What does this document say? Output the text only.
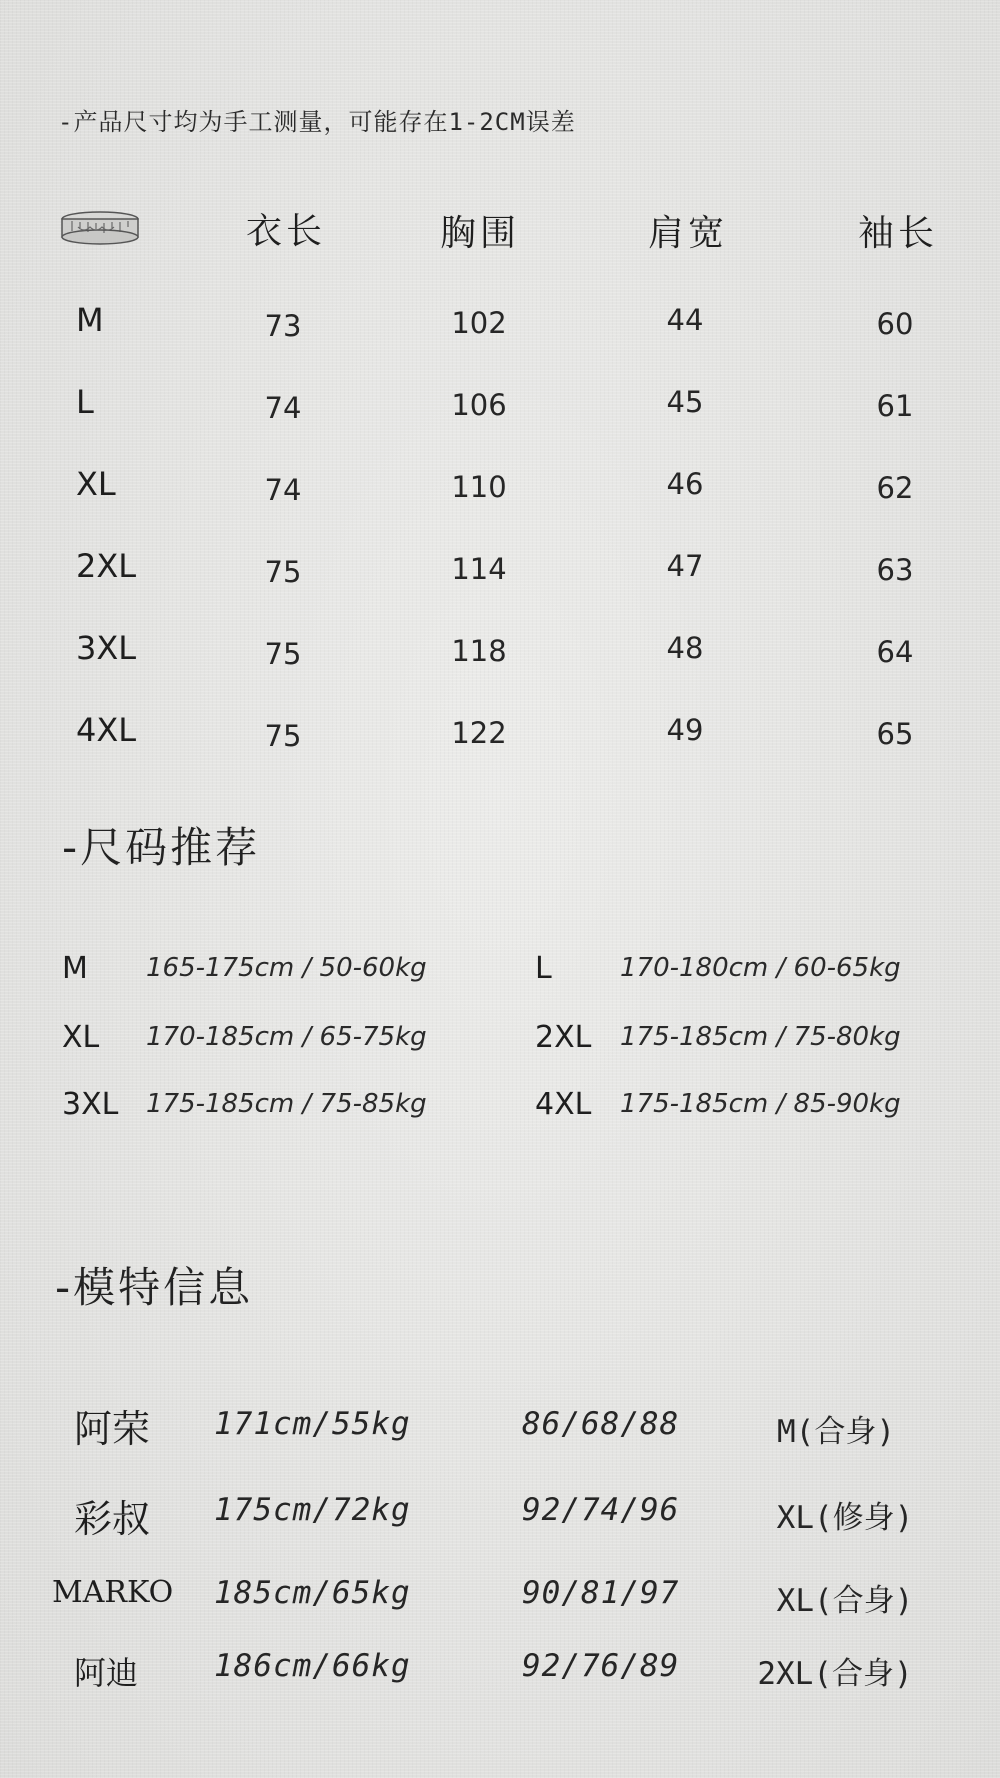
-产品尺寸均为手工测量，可能存在1-2CM误差
衣长	胸围	肩宽	袖长
M	73	102	44	60
L	74	106	45	61
XL	74	110	46	62
2XL	75	114	47	63
3XL	75	118	48	64
4XL	75	122	49	65
-尺码推荐
M 165-175cm / 50-60kg	L	170-180cm / 60-65kg
XL 170-185cm / 65-75kg	2XL 175-185cm / 75-80kg
3XL 175-185cm / 75-85kg	4XL 175-185cm / 85-90kg
-模特信息
阿荣 171cm/55kg	86/68/88	M(合身)
彩叔 175cm/72kg	92/74/96	XL(修身)
MARKO 185cm/65kg	90/81/97	XL(合身)
阿迪 186cm/66kg	92/76/89	2XL(合身)
